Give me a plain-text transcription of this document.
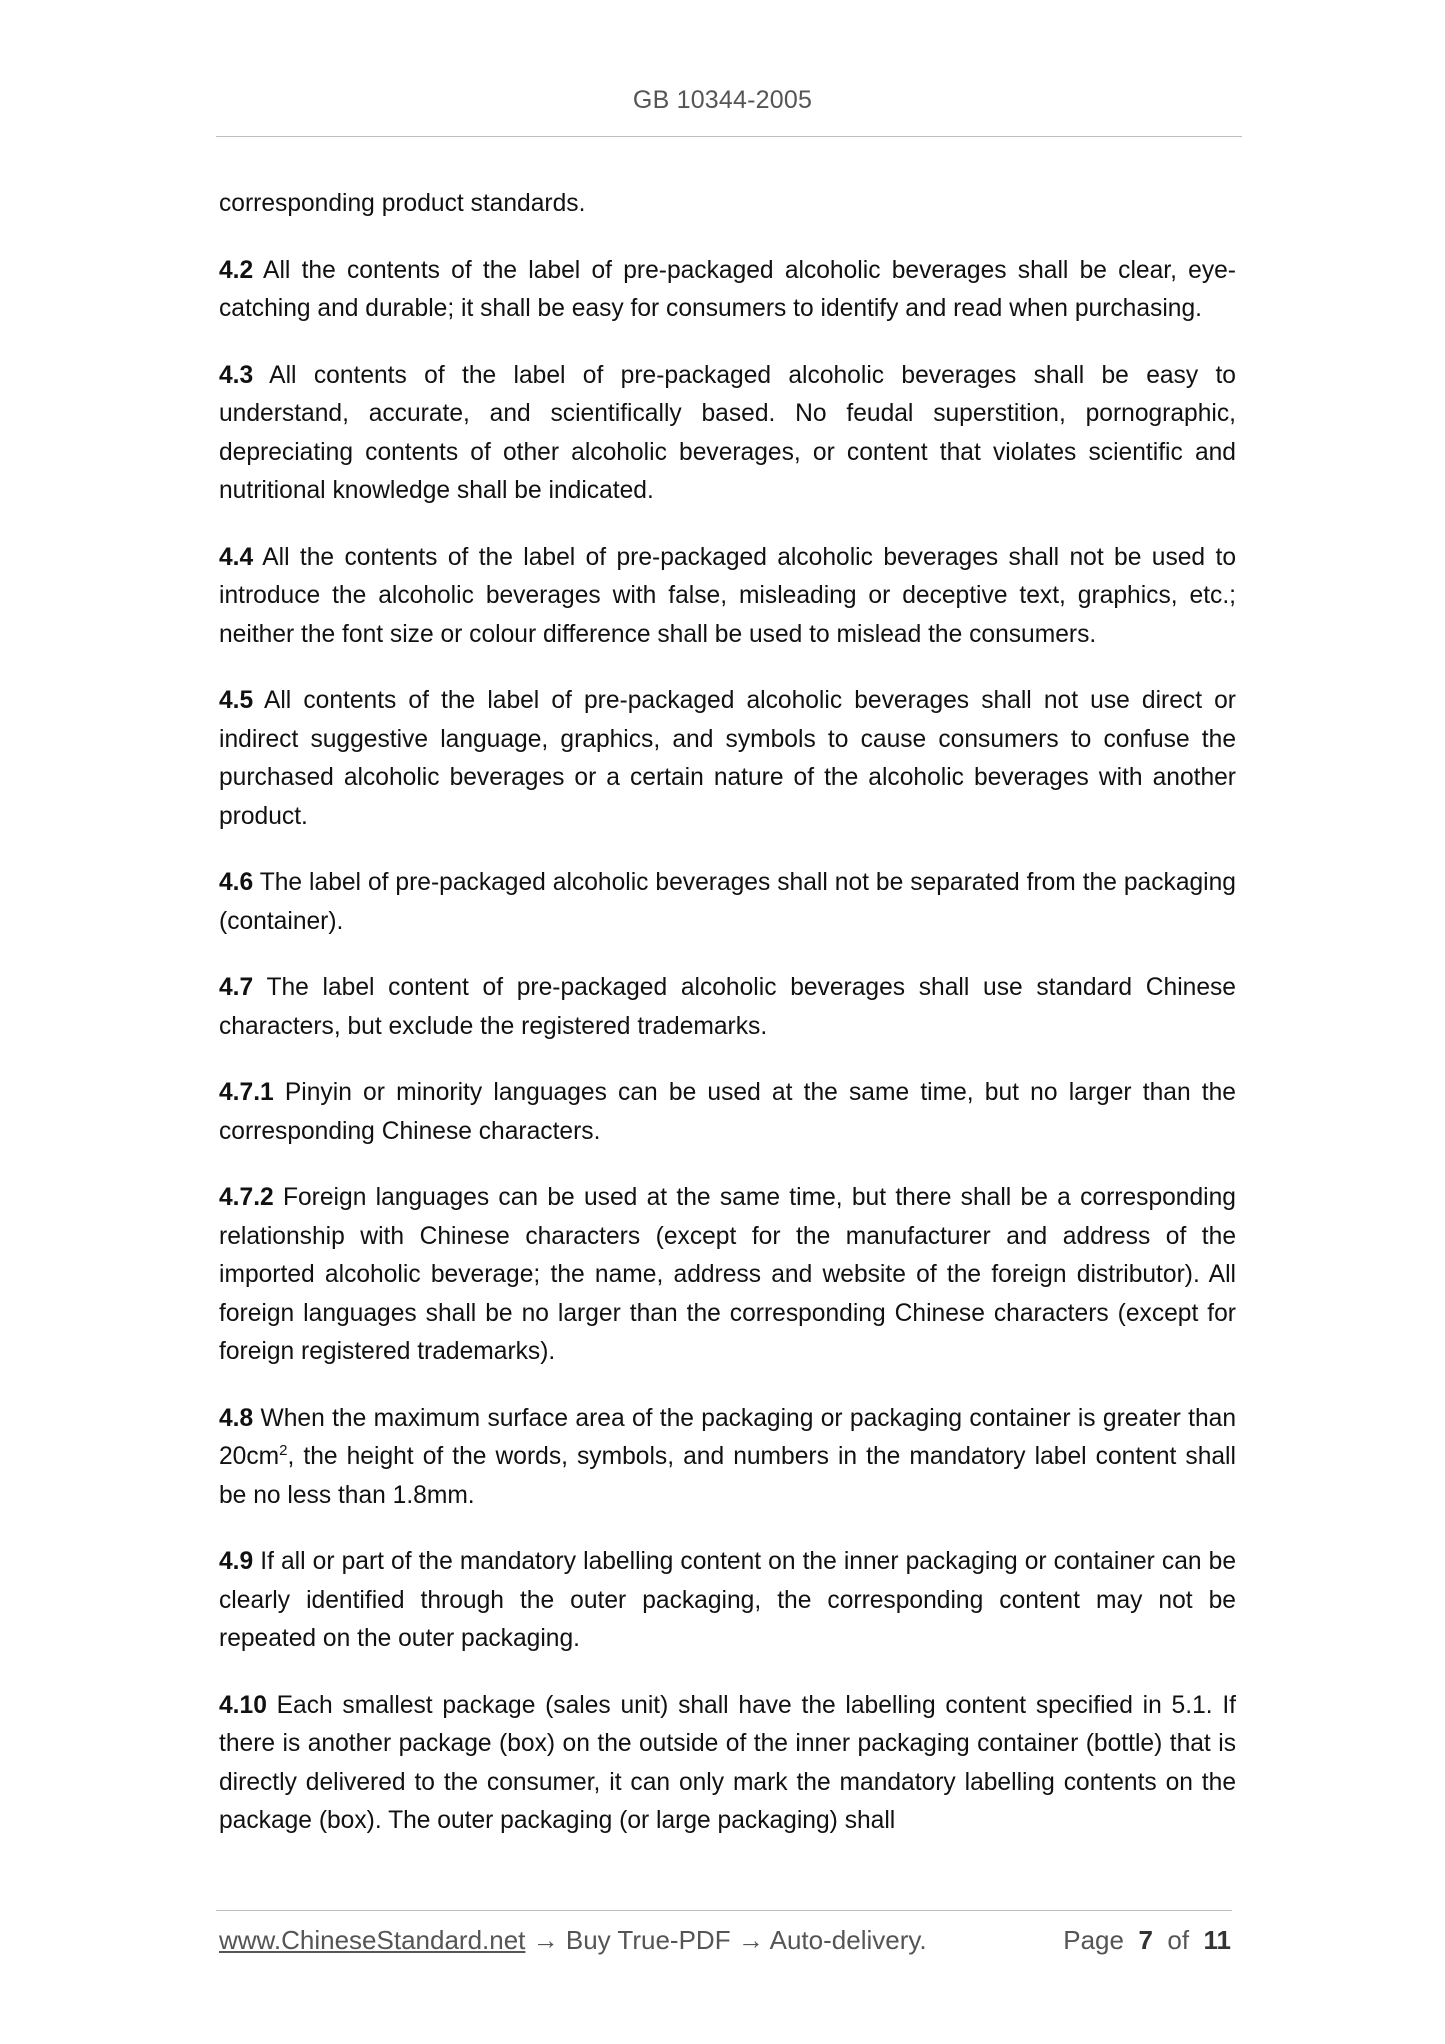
GB 10344-2005

corresponding product standards.

4.2 All the contents of the label of pre-packaged alcoholic beverages shall be clear, eye-catching and durable; it shall be easy for consumers to identify and read when purchasing.

4.3 All contents of the label of pre-packaged alcoholic beverages shall be easy to understand, accurate, and scientifically based. No feudal superstition, pornographic, depreciating contents of other alcoholic beverages, or content that violates scientific and nutritional knowledge shall be indicated.

4.4 All the contents of the label of pre-packaged alcoholic beverages shall not be used to introduce the alcoholic beverages with false, misleading or deceptive text, graphics, etc.; neither the font size or colour difference shall be used to mislead the consumers.

4.5 All contents of the label of pre-packaged alcoholic beverages shall not use direct or indirect suggestive language, graphics, and symbols to cause consumers to confuse the purchased alcoholic beverages or a certain nature of the alcoholic beverages with another product.

4.6 The label of pre-packaged alcoholic beverages shall not be separated from the packaging (container).

4.7 The label content of pre-packaged alcoholic beverages shall use standard Chinese characters, but exclude the registered trademarks.

4.7.1 Pinyin or minority languages can be used at the same time, but no larger than the corresponding Chinese characters.

4.7.2 Foreign languages can be used at the same time, but there shall be a corresponding relationship with Chinese characters (except for the manufacturer and address of the imported alcoholic beverage; the name, address and website of the foreign distributor). All foreign languages shall be no larger than the corresponding Chinese characters (except for foreign registered trademarks).

4.8 When the maximum surface area of the packaging or packaging container is greater than $20cm^2$, the height of the words, symbols, and numbers in the mandatory label content shall be no less than 1.8mm.

4.9 If all or part of the mandatory labelling content on the inner packaging or container can be clearly identified through the outer packaging, the corresponding content may not be repeated on the outer packaging.

4.10 Each smallest package (sales unit) shall have the labelling content specified in 5.1. If there is another package (box) on the outside of the inner packaging container (bottle) that is directly delivered to the consumer, it can only mark the mandatory labelling contents on the package (box). The outer packaging (or large packaging) shall

www.ChineseStandard.net → Buy True-PDF → Auto-delivery.	Page 7 of 11
